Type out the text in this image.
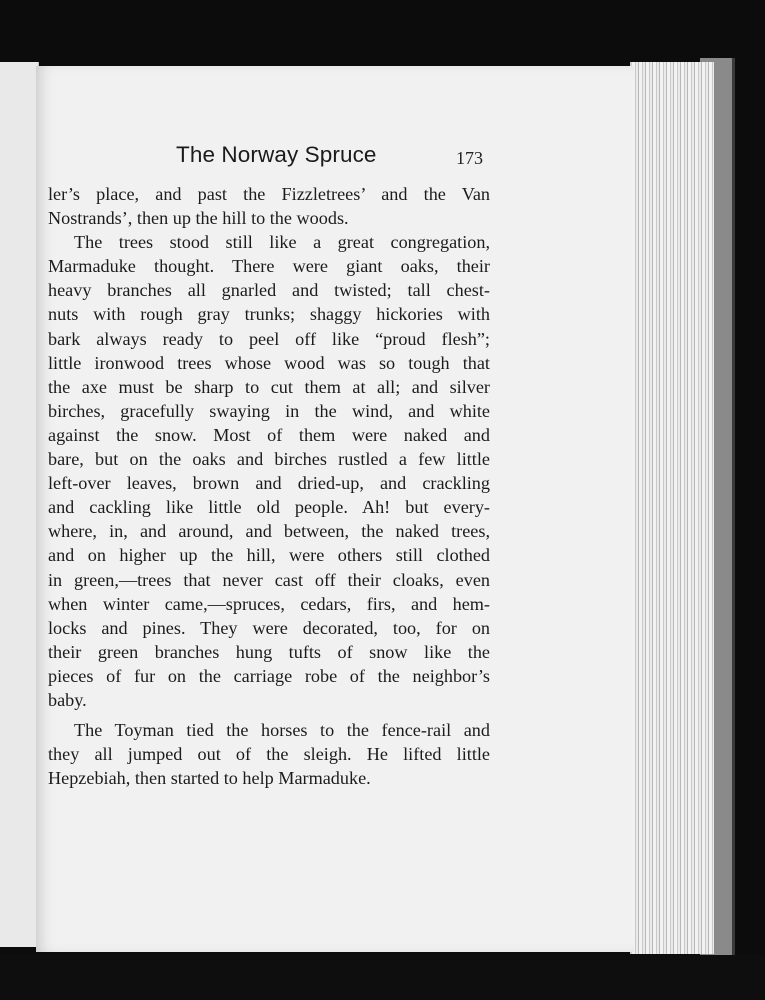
The Norway Spruce	173
ler’s place, and past the Fizzletrees’ and the Van
Nostrands’, then up the hill to the woods.
The trees stood still like a great congregation,
Marmaduke thought. There were giant oaks, their
heavy branches all gnarled and twisted; tall chest-
nuts with rough gray trunks; shaggy hickories with
bark always ready to peel off like “proud flesh”;
little ironwood trees whose wood was so tough that
the axe must be sharp to cut them at all; and silver
birches, gracefully swaying in the wind, and white
against the snow. Most of them were naked and
bare, but on the oaks and birches rustled a few little
left-over leaves, brown and dried-up, and crackling
and cackling like little old people. Ah! but every-
where, in, and around, and between, the naked trees,
and on higher up the hill, were others still clothed
in green,—trees that never cast off their cloaks, even
when winter came,—spruces, cedars, firs, and hem-
locks and pines. They were decorated, too, for on
their green branches hung tufts of snow like the
pieces of fur on the carriage robe of the neighbor’s
baby.
The Toyman tied the horses to the fence-rail and
they all jumped out of the sleigh. He lifted little
Hepzebiah, then started to help Marmaduke.
